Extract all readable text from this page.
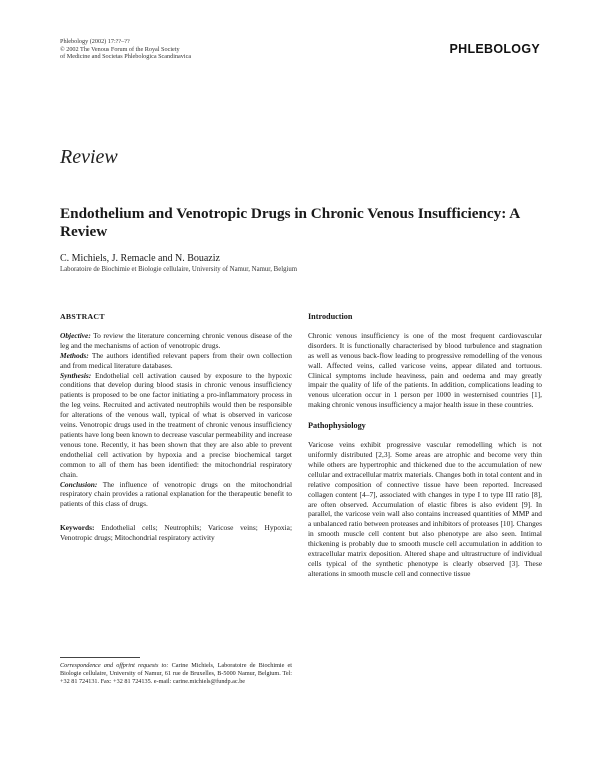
Phlebology (2002) 17:??–??
© 2002 The Venous Forum of the Royal Society
of Medicine and Societas Phlebologica Scandinavica
PHLEBOLOGY
Review
Endothelium and Venotropic Drugs in Chronic Venous Insufficiency: A Review
C. Michiels, J. Remacle and N. Bouaziz
Laboratoire de Biochimie et Biologie cellulaire, University of Namur, Namur, Belgium
ABSTRACT

Objective: To review the literature concerning chronic venous disease of the leg and the mechanisms of action of venotropic drugs.

Methods: The authors identified relevant papers from their own collection and from medical literature databases.

Synthesis: Endothelial cell activation caused by exposure to the hypoxic conditions that develop during blood stasis in chronic venous insufficiency patients is proposed to be one factor initiating a pro-inflammatory process in the leg veins. Recruited and activated neutrophils would then be responsible for alterations of the venous wall, typical of what is observed in varicose veins. Venotropic drugs used in the treatment of chronic venous insufficiency patients have long been known to decrease vascular permeability and increase venous tone. Recently, it has been shown that they are also able to prevent endothelial cell activation by hypoxia and a precise biochemical target common to all of them has been identified: the mitochondrial respiratory chain.

Conclusion: The influence of venotropic drugs on the mitochondrial respiratory chain provides a rational explanation for the therapeutic benefit to patients of this class of drugs.

Keywords: Endothelial cells; Neutrophils; Varicose veins; Hypoxia; Venotropic drugs; Mitochondrial respiratory activity

Introduction

Chronic venous insufficiency is one of the most frequent cardiovascular disorders. It is functionally characterised by blood turbulence and stagnation as well as venous back-flow leading to progressive remodelling of the venous wall. Affected veins, called varicose veins, appear dilated and tortuous. Clinical symptoms include heaviness, pain and oedema and may greatly impair the quality of life of the patients. In addition, complications leading to venous ulceration occur in 1 person per 1000 in westernised countries [1], making chronic venous insufficiency a major health issue in these countries.

Pathophysiology

Varicose veins exhibit progressive vascular remodelling which is not uniformly distributed [2,3]. Some areas are atrophic and become very thin while others are hypertrophic and thickened due to the accumulation of new cellular and extracellular matrix materials. Changes both in total content and in relative composition of connective tissue have been reported. Increased collagen content [4–7], associated with changes in type I to type III ratio [8], are often observed. Accumulation of elastic fibres is also evident [9]. In parallel, the varicose vein wall also contains increased quantities of MMP and a unbalanced ratio between proteases and inhibitors of proteases [10]. Changes in smooth muscle cell content but also phenotype are also seen. Intimal thickening is probably due to smooth muscle cell accumulation in addition to extracellular matrix deposition. Altered shape and ultrastructure of individual cells typical of the synthetic phenotype is clearly observed [3]. These alterations in smooth muscle cell and connective tissue

Correspondence and offprint requests to: Carine Michiels, Laboratoire de Biochimie et Biologie cellulaire, University of Namur, 61 rue de Bruxelles, B-5000 Namur, Belgium. Tel: +32 81 724131. Fax: +32 81 724135. e-mail: carine.michiels@fundp.ac.be
